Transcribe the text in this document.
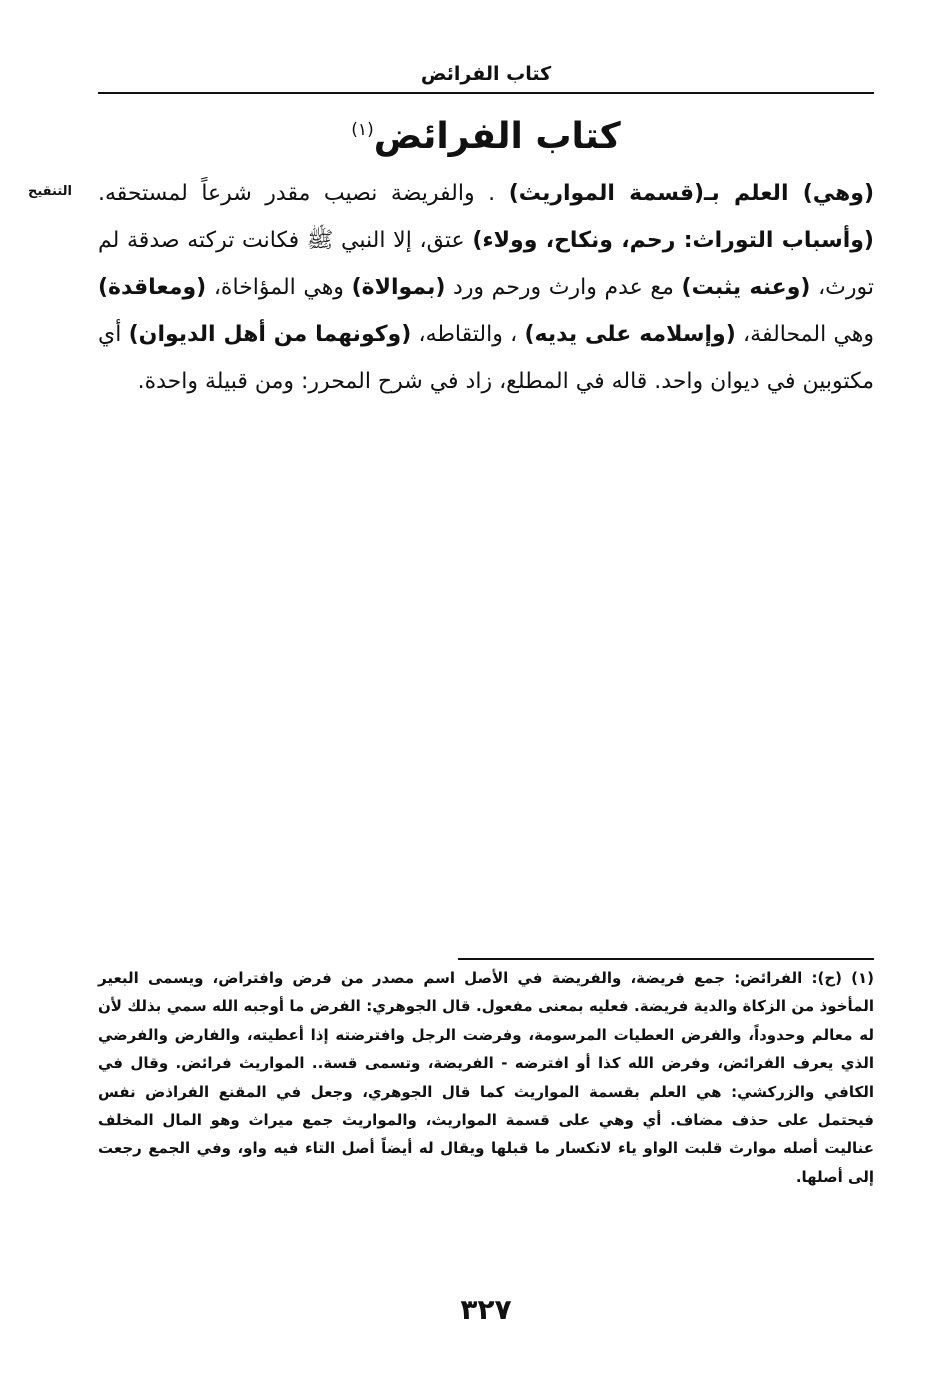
كتاب الفرائض
كتاب الفرائض$^{(١)}$
التنقيح	(وهي) العلم بـ(قسمة المواريث) . والفريضة نصيب مقدر شرعاً لمستحقه. (وأسباب التوراث: رحم، ونكاح، وولاء) عتق، إلا النبي ﷺ فكانت تركته صدقة لم تورث، (وعنه يثبت) مع عدم وارث ورحم ورد (بموالاة) وهي المؤاخاة، (ومعاقدة) وهي المحالفة، (وإسلامه على يديه) ، والتقاطه، (وكونهما من أهل الديوان) أي مكتوبين في ديوان واحد. قاله في المطلع، زاد في شرح المحرر: ومن قبيلة واحدة.

(١) (ح): الفرائض: جمع فريضة، والفريضة في الأصل اسم مصدر من فرض وافتراض، ويسمى البعير المأخوذ من الزكاة والدية فريضة. فعليه بمعنى مفعول. قال الجوهري: الفرض ما أوجبه الله سمي بذلك لأن له معالم وحدوداً، والفرض العطيات المرسومة، وفرضت الرجل وافترضته إذا أعطيته، والفارض والفرضي الذي يعرف الفرائض، وفرض الله كذا أو افترضه - الفريضة، وتسمى قسة.. المواريث فرائض. وقال في الكافي والزركشي: هي العلم بقسمة المواريث كما قال الجوهري، وجعل في المقنع الفراذض نفس فيحتمل على حذف مضاف. أي وهي على قسمة المواريث، والمواريث جمع ميراث وهو المال المخلف عناليت أصله موارث قلبت الواو ياء لانكسار ما قبلها ويقال له أيضاً أصل التاء فيه واو، وفي الجمع رجعت إلى أصلها.

٣٢٧
